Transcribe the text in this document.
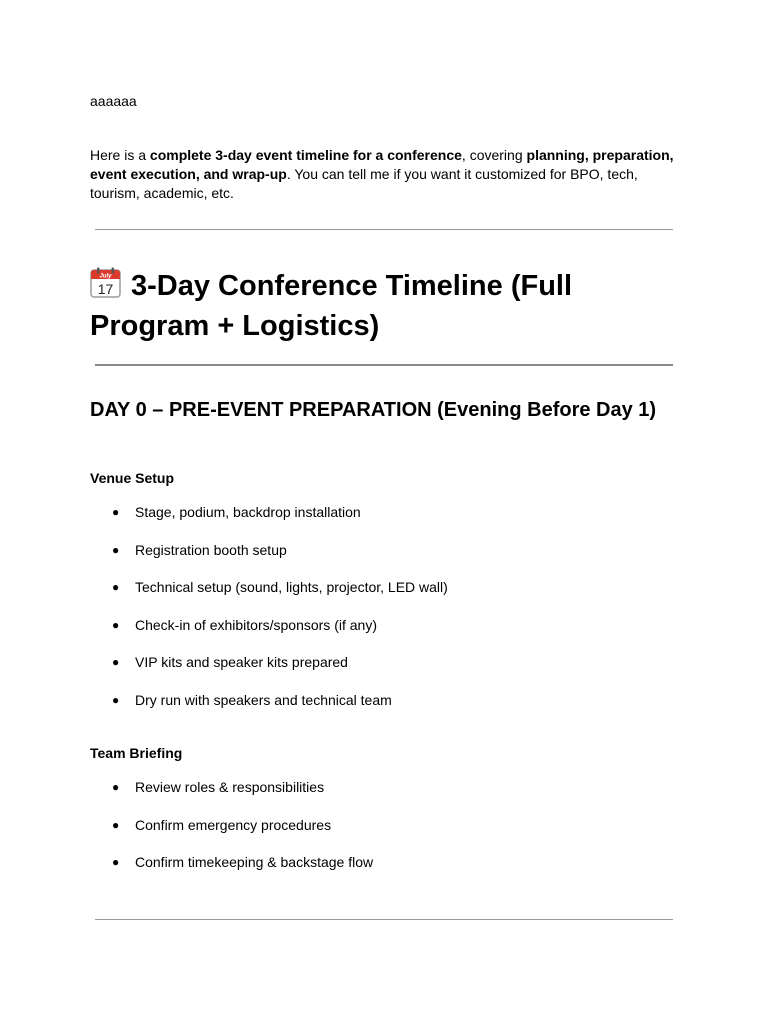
aaaaaa

Here is a complete 3-day event timeline for a conference, covering planning, preparation, event execution, and wrap-up. You can tell me if you want it customized for BPO, tech, tourism, academic, etc.

July
17 3-Day Conference Timeline (Full Program + Logistics)
DAY 0 – PRE-EVENT PREPARATION (Evening Before Day 1)
Venue Setup
● Stage, podium, backdrop installation
● Registration booth setup
● Technical setup (sound, lights, projector, LED wall)
● Check-in of exhibitors/sponsors (if any)
● VIP kits and speaker kits prepared
● Dry run with speakers and technical team
Team Briefing
● Review roles & responsibilities
● Confirm emergency procedures
● Confirm timekeeping & backstage flow
